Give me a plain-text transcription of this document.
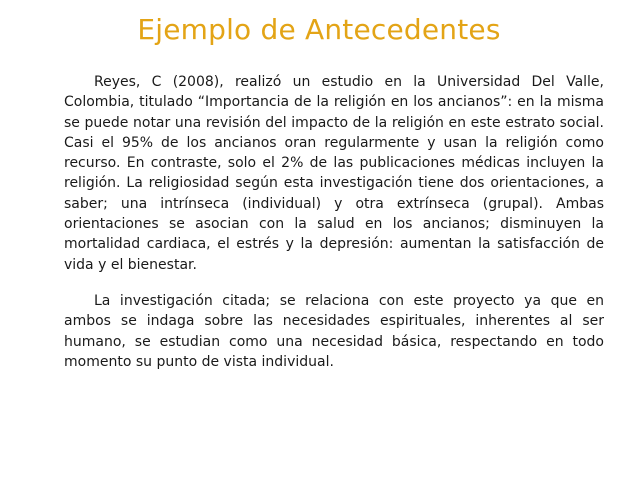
Ejemplo de Antecedentes

Reyes, C (2008), realizó un estudio en la Universidad Del Valle, Colombia, titulado “Importancia de la religión en los ancianos”: en la misma se puede notar una revisión del impacto de la religión en este estrato social. Casi el 95% de los ancianos oran regularmente y usan la religión como recurso. En contraste, solo el 2% de las publicaciones médicas incluyen la religión. La religiosidad según esta investigación tiene dos orientaciones, a saber; una intrínseca (individual) y otra extrínseca (grupal). Ambas orientaciones se asocian con la salud en los ancianos; disminuyen la mortalidad cardiaca, el estrés y la depresión: aumentan la satisfacción de vida y el bienestar.

La investigación citada; se relaciona con este proyecto ya que en ambos se indaga sobre las necesidades espirituales, inherentes al ser humano, se estudian como una necesidad básica, respectando en todo momento su punto de vista individual.
